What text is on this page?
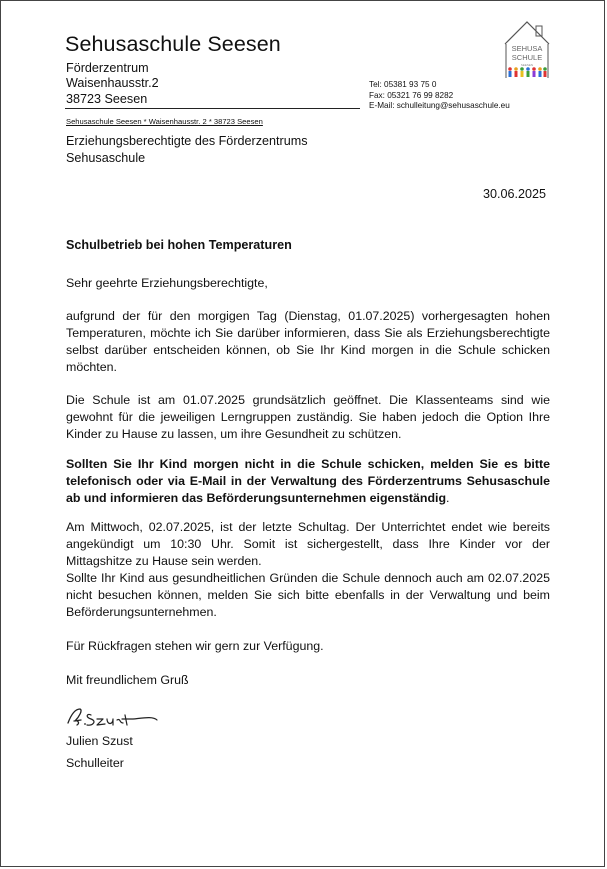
Sehusaschule Seesen
Förderzentrum
Waisenhausstr.2
38723 Seesen
SEHUSA
SCHULE
SEESEN
Tel: 05381 93 75 0
Fax: 05321 76 99 8282
E-Mail: schulleitung@sehusaschule.eu
Sehusaschule Seesen * Waisenhausstr. 2 * 38723 Seesen
Erziehungsberechtigte des Förderzentrums
Sehusaschule
30.06.2025
Schulbetrieb bei hohen Temperaturen
Sehr geehrte Erziehungsberechtigte,

aufgrund der für den morgigen Tag (Dienstag, 01.07.2025) vorhergesagten hohen Temperaturen, möchte ich Sie darüber informieren, dass Sie als Erziehungsberechtigte selbst darüber entscheiden können, ob Sie Ihr Kind morgen in die Schule schicken möchten.

Die Schule ist am 01.07.2025 grundsätzlich geöffnet. Die Klassenteams sind wie gewohnt für die jeweiligen Lerngruppen zuständig. Sie haben jedoch die Option Ihre Kinder zu Hause zu lassen, um ihre Gesundheit zu schützen.

Sollten Sie Ihr Kind morgen nicht in die Schule schicken, melden Sie es bitte telefonisch oder via E-Mail in der Verwaltung des Förderzentrums Sehusaschule ab und informieren das Beförderungsunternehmen eigenständig.

Am Mittwoch, 02.07.2025, ist der letzte Schultag. Der Unterrichtet endet wie bereits angekündigt um 10:30 Uhr. Somit ist sichergestellt, dass Ihre Kinder vor der Mittagshitze zu Hause sein werden.

Sollte Ihr Kind aus gesundheitlichen Gründen die Schule dennoch auch am 02.07.2025 nicht besuchen können, melden Sie sich bitte ebenfalls in der Verwaltung und beim Beförderungsunternehmen.

Für Rückfragen stehen wir gern zur Verfügung.
Mit freundlichem Gruß
Julien Szust
Schulleiter
